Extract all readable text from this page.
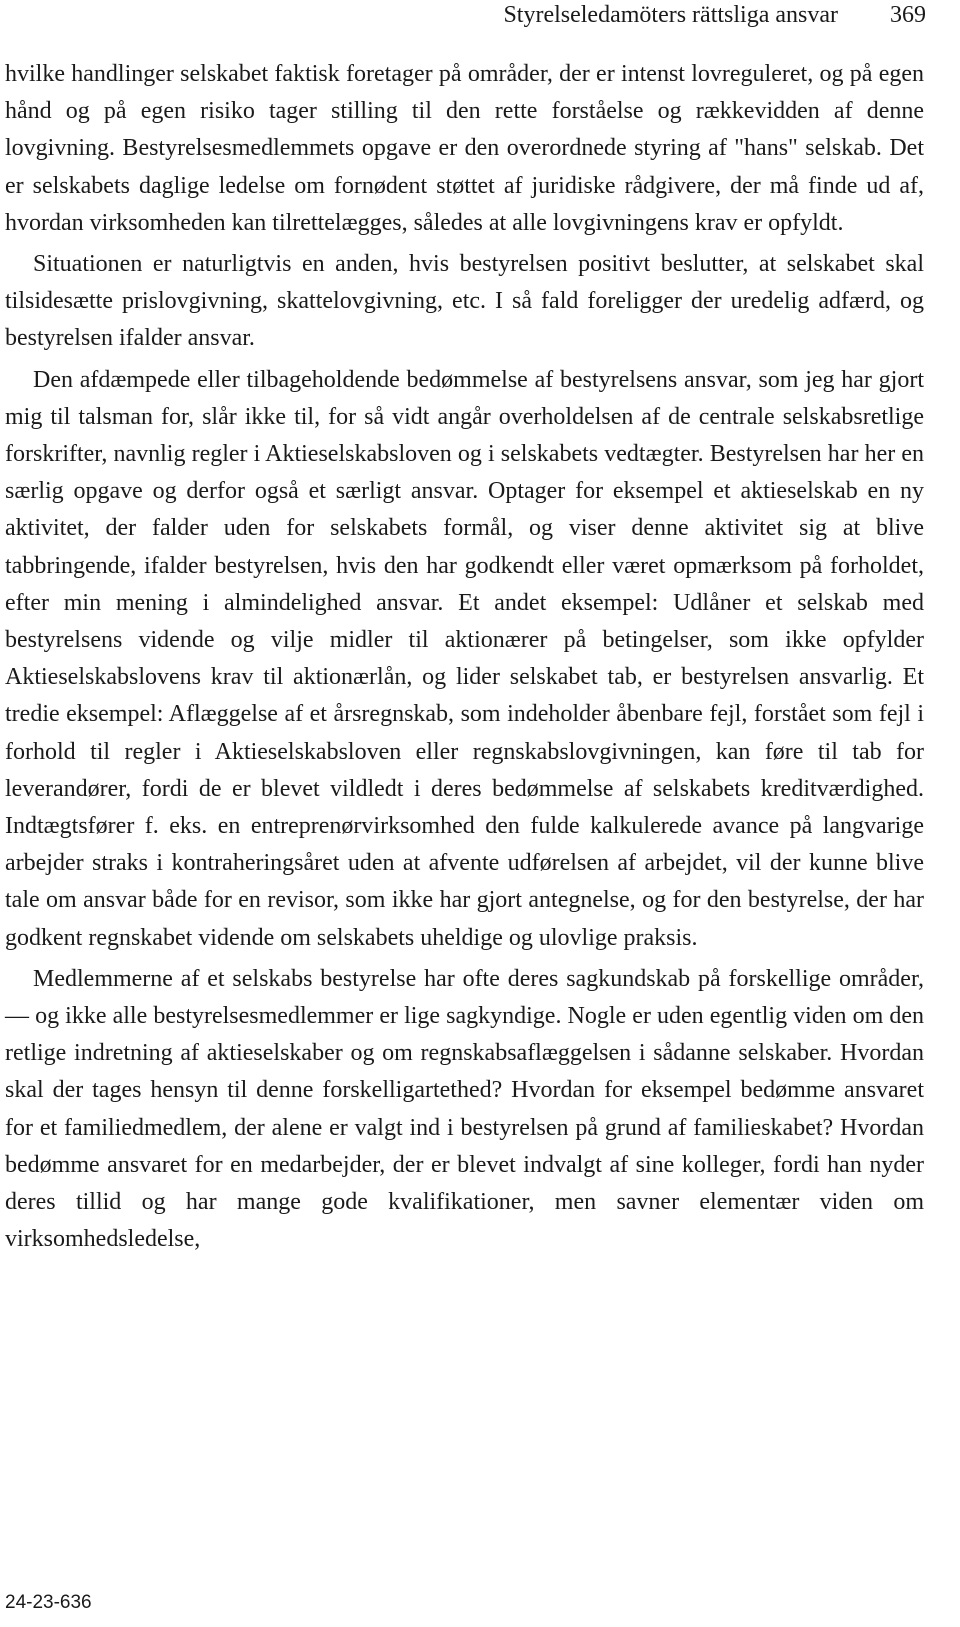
Styrelseledamöters rättsliga ansvar 369

hvilke handlinger selskabet faktisk foretager på områder, der er intenst lovreguleret, og på egen hånd og på egen risiko tager stilling til den rette forståelse og rækkevidden af denne lovgivning. Bestyrelsesmedlemmets opgave er den overordnede styring af "hans" selskab. Det er selskabets daglige ledelse om fornødent støttet af juridiske rådgivere, der må finde ud af, hvordan virksomheden kan tilrettelægges, således at alle lovgivningens krav er opfyldt.

Situationen er naturligtvis en anden, hvis bestyrelsen positivt beslutter, at selskabet skal tilsidesætte prislovgivning, skattelovgivning, etc. I så fald foreligger der uredelig adfærd, og bestyrelsen ifalder ansvar.

Den afdæmpede eller tilbageholdende bedømmelse af bestyrelsens ansvar, som jeg har gjort mig til talsman for, slår ikke til, for så vidt angår overholdelsen af de centrale selskabsretlige forskrifter, navnlig regler i Aktieselskabsloven og i selskabets vedtægter. Bestyrelsen har her en særlig opgave og derfor også et særligt ansvar. Optager for eksempel et aktieselskab en ny aktivitet, der falder uden for selskabets formål, og viser denne aktivitet sig at blive tabbringende, ifalder bestyrelsen, hvis den har godkendt eller været opmærksom på forholdet, efter min mening i almindelighed ansvar. Et andet eksempel: Udlåner et selskab med bestyrelsens vidende og vilje midler til aktionærer på betingelser, som ikke opfylder Aktieselskabslovens krav til aktionærlån, og lider selskabet tab, er bestyrelsen ansvarlig. Et tredie eksempel: Aflæggelse af et årsregnskab, som indeholder åbenbare fejl, forstået som fejl i forhold til regler i Aktieselskabsloven eller regnskabslovgivningen, kan føre til tab for leverandører, fordi de er blevet vildledt i deres bedømmelse af selskabets kreditværdighed. Indtægtsfører f. eks. en entreprenørvirksomhed den fulde kalkulerede avance på langvarige arbejder straks i kontraheringsåret uden at afvente udførelsen af arbejdet, vil der kunne blive tale om ansvar både for en revisor, som ikke har gjort antegnelse, og for den bestyrelse, der har godkent regnskabet vidende om selskabets uheldige og ulovlige praksis.

Medlemmerne af et selskabs bestyrelse har ofte deres sagkundskab på forskellige områder, — og ikke alle bestyrelsesmedlemmer er lige sagkyndige. Nogle er uden egentlig viden om den retlige indretning af aktieselskaber og om regnskabsaflæggelsen i sådanne selskaber. Hvordan skal der tages hensyn til denne forskelligartethed? Hvordan for eksempel bedømme ansvaret for et familiedmedlem, der alene er valgt ind i bestyrelsen på grund af familieskabet? Hvordan bedømme ansvaret for en medarbejder, der er blevet indvalgt af sine kolleger, fordi han nyder deres tillid og har mange gode kvalifikationer, men savner elementær viden om virksomhedsledelse,

24-23-636
